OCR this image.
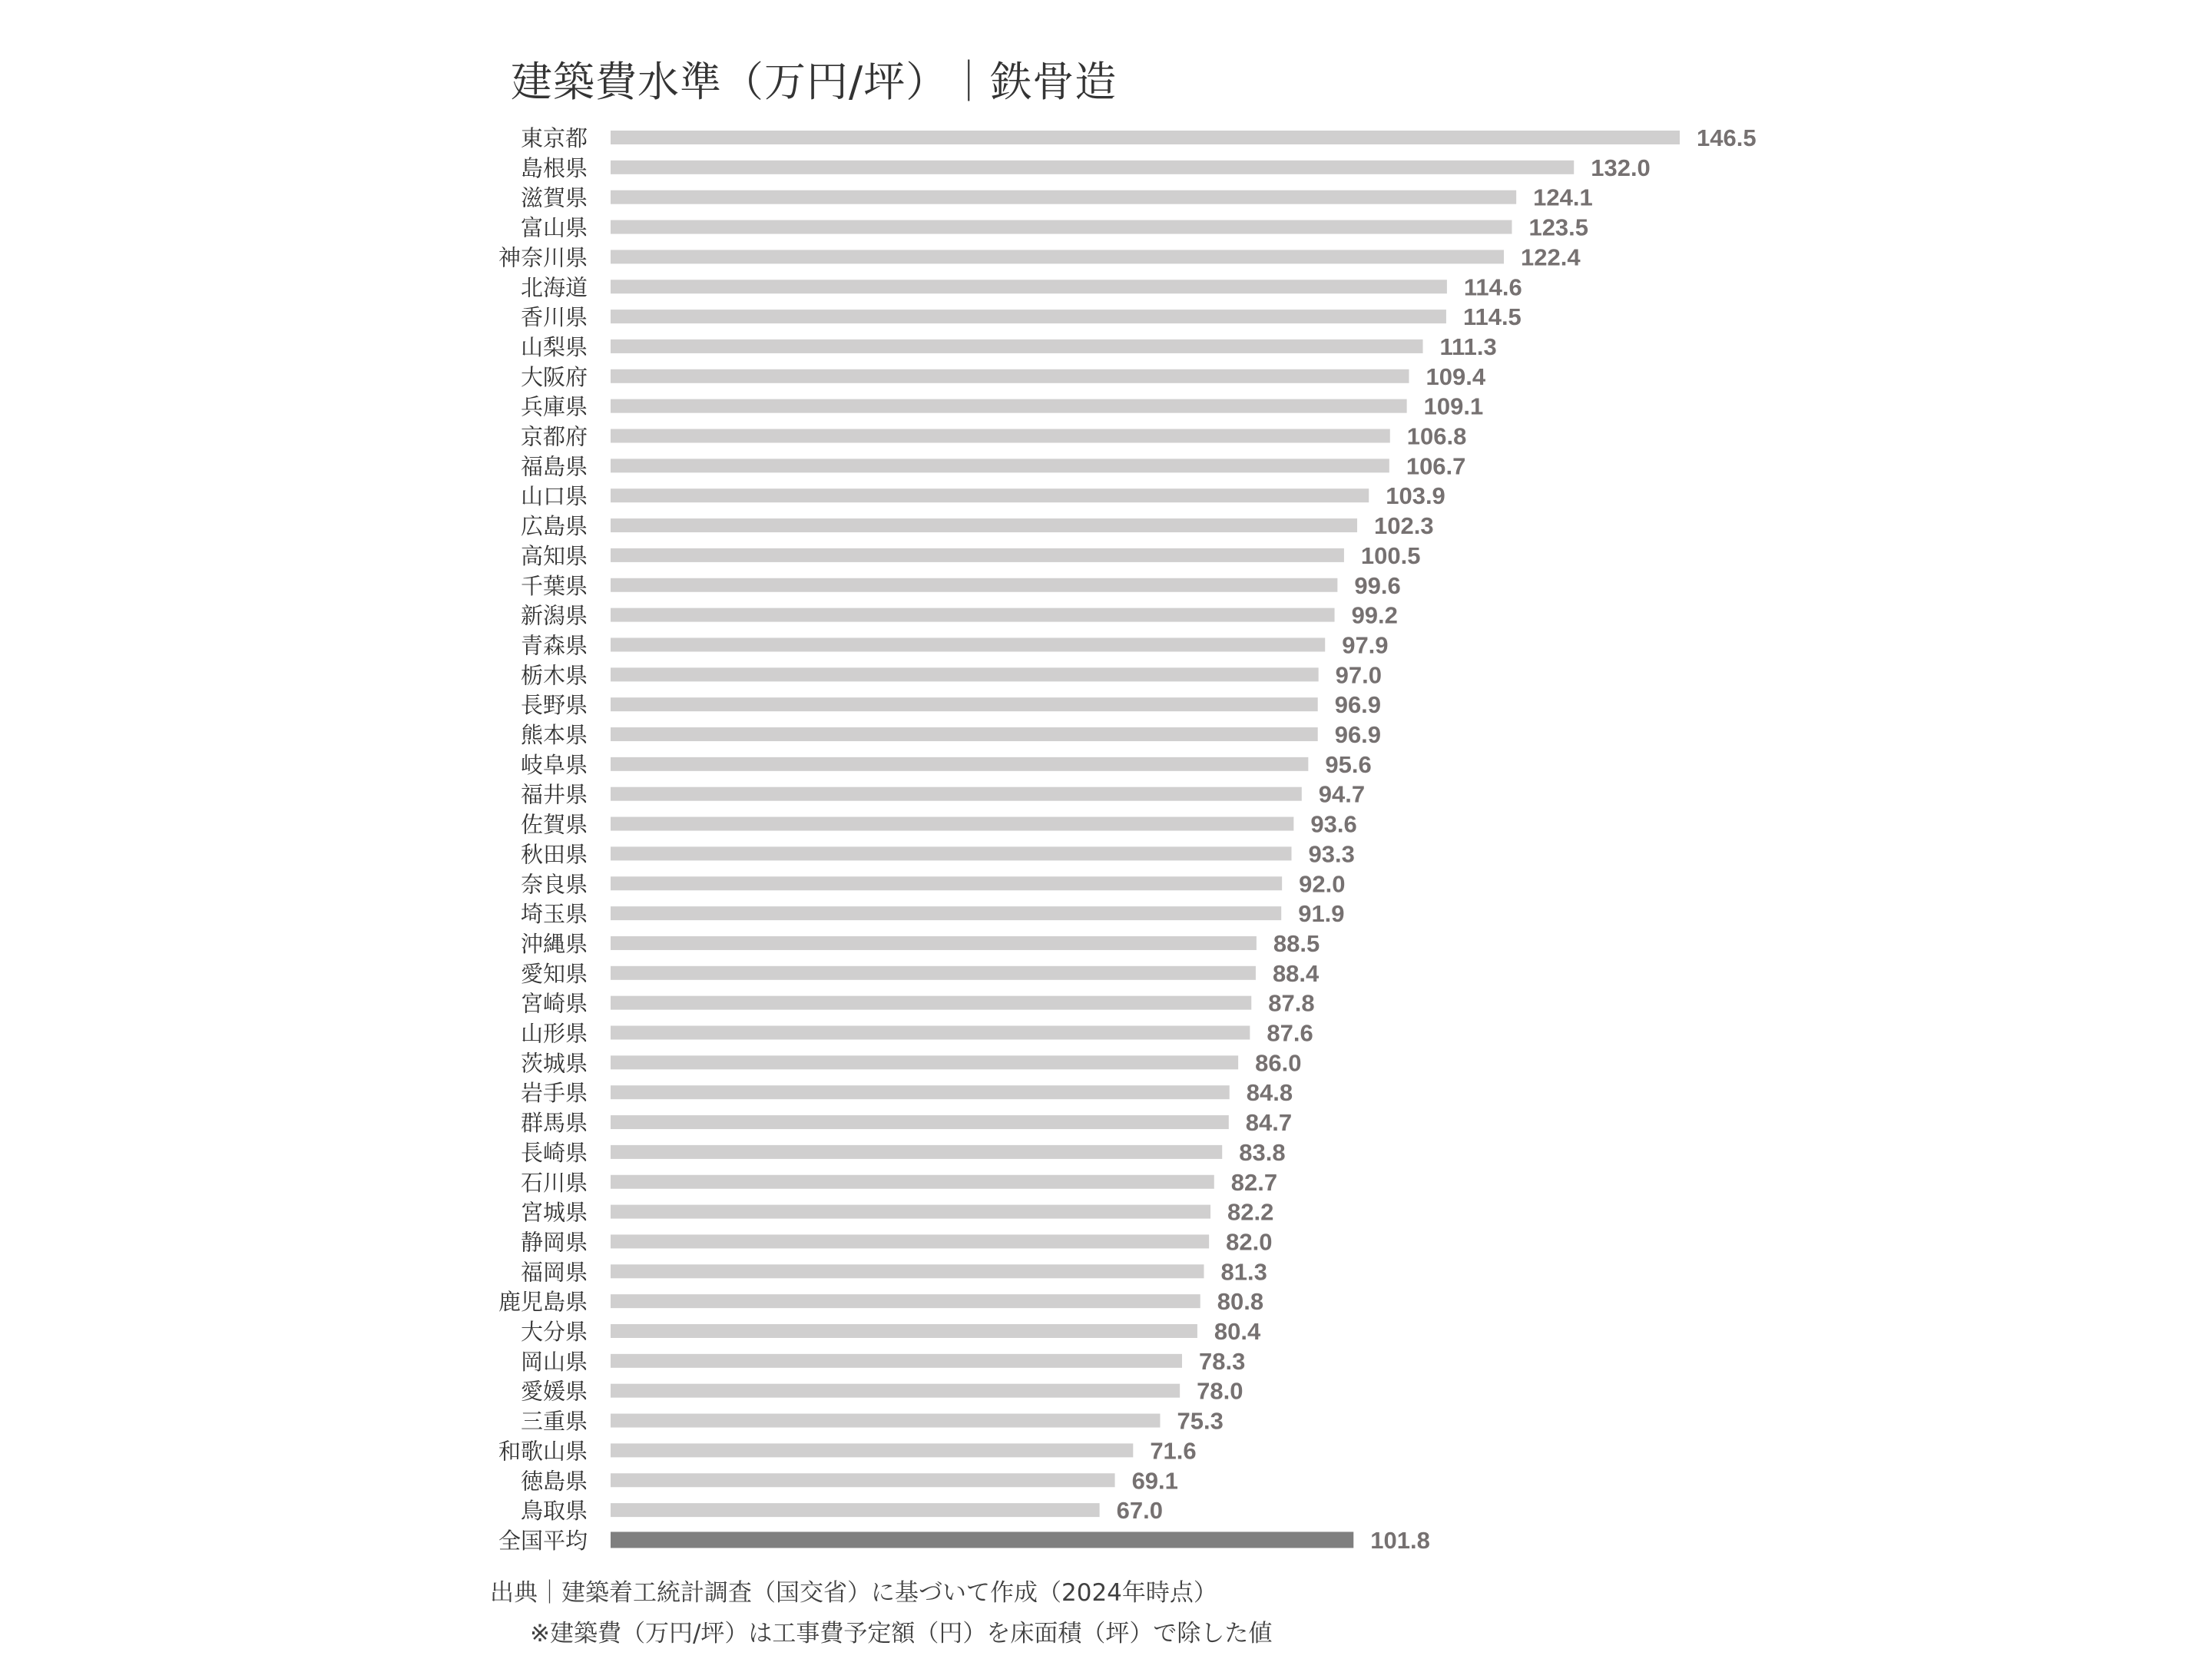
建築費水準（万円/坪）｜鉄骨造
東京都	146.5
島根県	132.0
滋賀県	124.1
富山県	123.5
神奈川県	122.4
北海道	114.6
香川県	114.5
山梨県	111.3
大阪府	109.4
兵庫県	109.1
京都府	106.8
福島県	106.7
山口県	103.9
広島県	102.3
高知県	100.5
千葉県	99.6
新潟県	99.2
青森県	97.9
栃木県	97.0
長野県	96.9
熊本県	96.9
岐阜県	95.6
福井県	94.7
佐賀県	93.6
秋田県	93.3
奈良県	92.0
埼玉県	91.9
沖縄県	88.5
愛知県	88.4
宮崎県	87.8
山形県	87.6
茨城県	86.0
岩手県	84.8
群馬県	84.7
長崎県	83.8
石川県	82.7
宮城県	82.2
静岡県	82.0
福岡県	81.3
鹿児島県	80.8
大分県	80.4
岡山県	78.3
愛媛県	78.0
三重県	75.3
和歌山県	71.6
徳島県	69.1
鳥取県	67.0
全国平均	101.8
出典｜建築着工統計調査（国交省）に基づいて作成（2024年時点）
※建築費（万円/坪）は工事費予定額（円）を床面積（坪）で除した値
